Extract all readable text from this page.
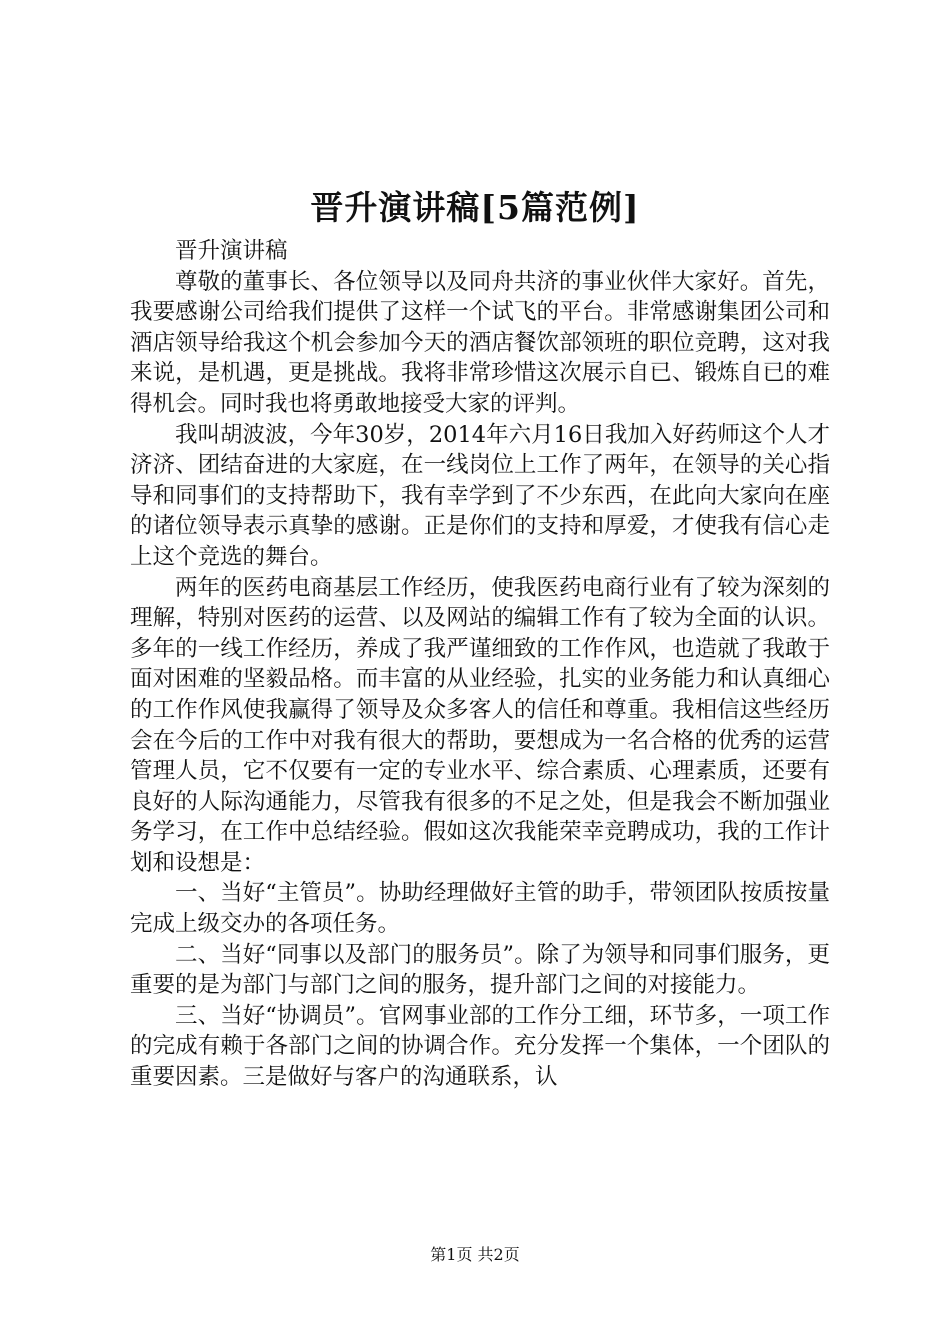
晋升演讲稿[5篇范例]

晋升演讲稿

尊敬的董事长、各位领导以及同舟共济的事业伙伴大家好。首先，我要感谢公司给我们提供了这样一个试飞的平台。非常感谢集团公司和酒店领导给我这个机会参加今天的酒店餐饮部领班的职位竞聘，这对我来说，是机遇，更是挑战。我将非常珍惜这次展示自已、锻炼自已的难得机会。同时我也将勇敢地接受大家的评判。

我叫胡波波，今年30岁，2014年六月16日我加入好药师这个人才济济、团结奋进的大家庭，在一线岗位上工作了两年，在领导的关心指导和同事们的支持帮助下，我有幸学到了不少东西，在此向大家向在座的诸位领导表示真挚的感谢。正是你们的支持和厚爱，才使我有信心走上这个竞选的舞台。

两年的医药电商基层工作经历，使我医药电商行业有了较为深刻的理解，特别对医药的运营、以及网站的编辑工作有了较为全面的认识。多年的一线工作经历，养成了我严谨细致的工作作风，也造就了我敢于面对困难的坚毅品格。而丰富的从业经验，扎实的业务能力和认真细心的工作作风使我赢得了领导及众多客人的信任和尊重。我相信这些经历会在今后的工作中对我有很大的帮助，要想成为一名合格的优秀的运营管理人员，它不仅要有一定的专业水平、综合素质、心理素质，还要有良好的人际沟通能力，尽管我有很多的不足之处，但是我会不断加强业务学习，在工作中总结经验。假如这次我能荣幸竞聘成功，我的工作计划和设想是：

一、当好“主管员”。协助经理做好主管的助手，带领团队按质按量完成上级交办的各项任务。

二、当好“同事以及部门的服务员”。除了为领导和同事们服务，更重要的是为部门与部门之间的服务，提升部门之间的对接能力。

三、当好“协调员”。官网事业部的工作分工细，环节多，一项工作的完成有赖于各部门之间的协调合作。充分发挥一个集体，一个团队的重要因素。三是做好与客户的沟通联系，认

第1页 共2页
